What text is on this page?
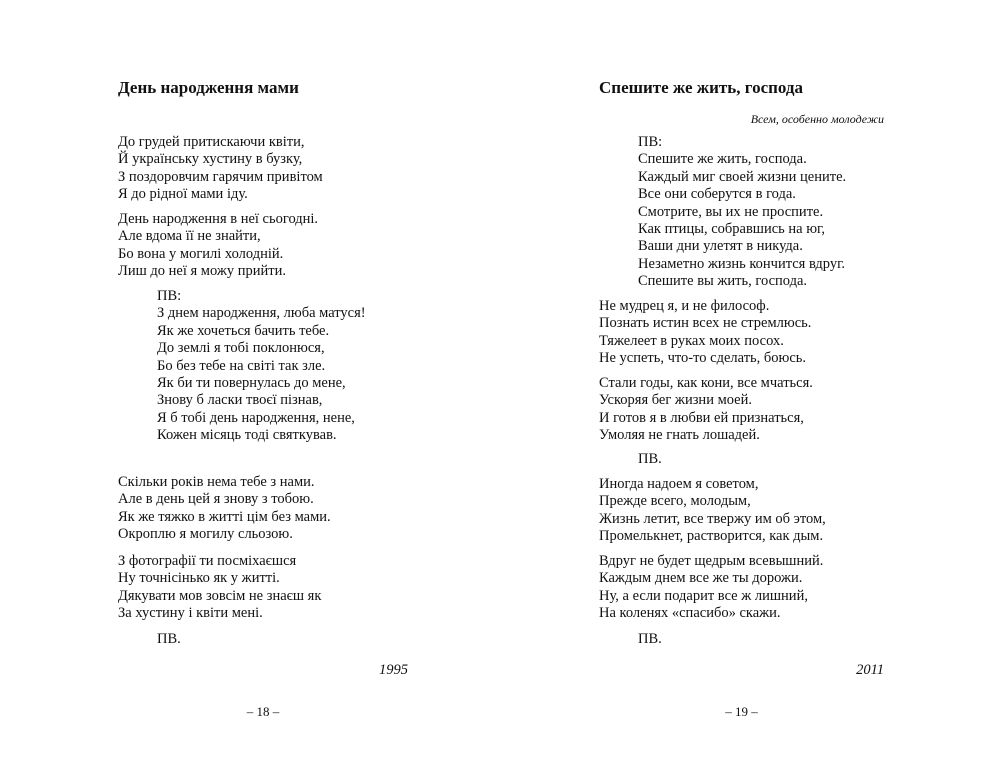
День народження мами
До грудей притискаючи квіти,
Й українську хустину в бузку,
З поздоровчим гарячим привітом
Я до рідної мами іду.
День народження в неї сьогодні.
Але вдома її не знайти,
Бо вона у могилі холодній.
Лиш до неї я можу прийти.
ПВ:
З днем народження, люба матуся!
Як же хочеться бачить тебе.
До землі я тобі поклонюся,
Бо без тебе на світі так зле.
Як би ти повернулась до мене,
Знову б ласки твоєї пізнав,
Я б тобі день народження, нене,
Кожен місяць тоді святкував.
Скільки років нема тебе з нами.
Але в день цей я знову з тобою.
Як же тяжко в житті цім без мами.
Окроплю я могилу сльозою.
З фотографії ти посміхаєшся
Ну точнісінько як у житті.
Дякувати мов зовсім не знаєш як
За хустину і квіти мені.
ПВ.
1995
– 18 –
Спешите же жить, господа
Всем, особенно молодежи
ПВ:
Спешите же жить, господа.
Каждый миг своей жизни цените.
Все они соберутся в года.
Смотрите, вы их не проспите.
Как птицы, собравшись на юг,
Ваши дни улетят в никуда.
Незаметно жизнь кончится вдруг.
Спешите вы жить, господа.
Не мудрец я, и не философ.
Познать истин всех не стремлюсь.
Тяжелеет в руках моих посох.
Не успеть, что-то сделать, боюсь.
Стали годы, как кони, все мчаться.
Ускоряя бег жизни моей.
И готов я в любви ей признаться,
Умоляя не гнать лошадей.
ПВ.
Иногда надоем я советом,
Прежде всего, молодым,
Жизнь летит, все твержу им об этом,
Промелькнет, растворится, как дым.
Вдруг не будет щедрым всевышний.
Каждым днем все же ты дорожи.
Ну, а если подарит все ж лишний,
На коленях «спасибо» скажи.
ПВ.
2011
– 19 –
